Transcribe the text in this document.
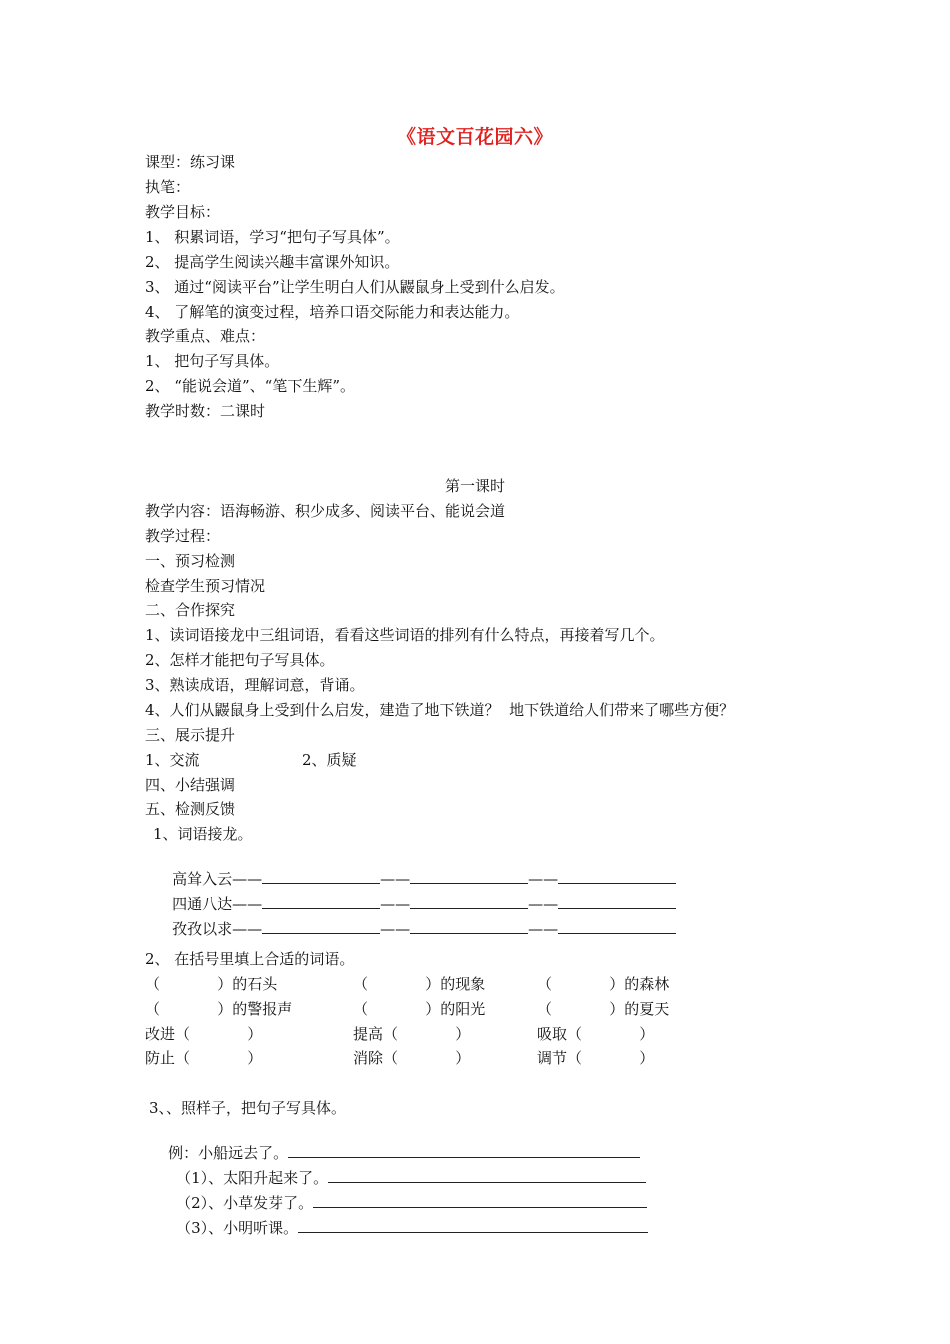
《语文百花园六》
课型：练习课
执笔：
教学目标：
1、 积累词语，学习“把句子写具体”。
2、 提高学生阅读兴趣丰富课外知识。
3、 通过“阅读平台”让学生明白人们从鼹鼠身上受到什么启发。
4、 了解笔的演变过程，培养口语交际能力和表达能力。
教学重点、难点：
1、 把句子写具体。
2、 “能说会道”、“笔下生辉”。
教学时数：二课时
第一课时
教学内容：语海畅游、积少成多、阅读平台、能说会道
教学过程：
一、预习检测
检查学生预习情况
二、合作探究
1、读词语接龙中三组词语，看看这些词语的排列有什么特点，再接着写几个。
2、怎样才能把句子写具体。
3、熟读成语，理解词意，背诵。
4、人们从鼹鼠身上受到什么启发，建造了地下铁道？  地下铁道给人们带来了哪些方便？
三、展示提升
1、交流	2、质疑
四、小结强调
五、检测反馈
1、词语接龙。

高耸入云——	——	——

四通八达——	——	——

孜孜以求——	——	——

2、 在括号里填上合适的词语。
（            ）的石头	（            ）的现象	（            ）的森林
（            ）的警报声	（            ）的阳光	（            ）的夏天
改进（            ）	提高（            ）	吸取（            ）
防止（            ）	消除（            ）	调节（            ）
3、、照样子，把句子写具体。

例：小船远去了。

（1）、太阳升起来了。

（2）、小草发芽了。

（3）、小明听课。
